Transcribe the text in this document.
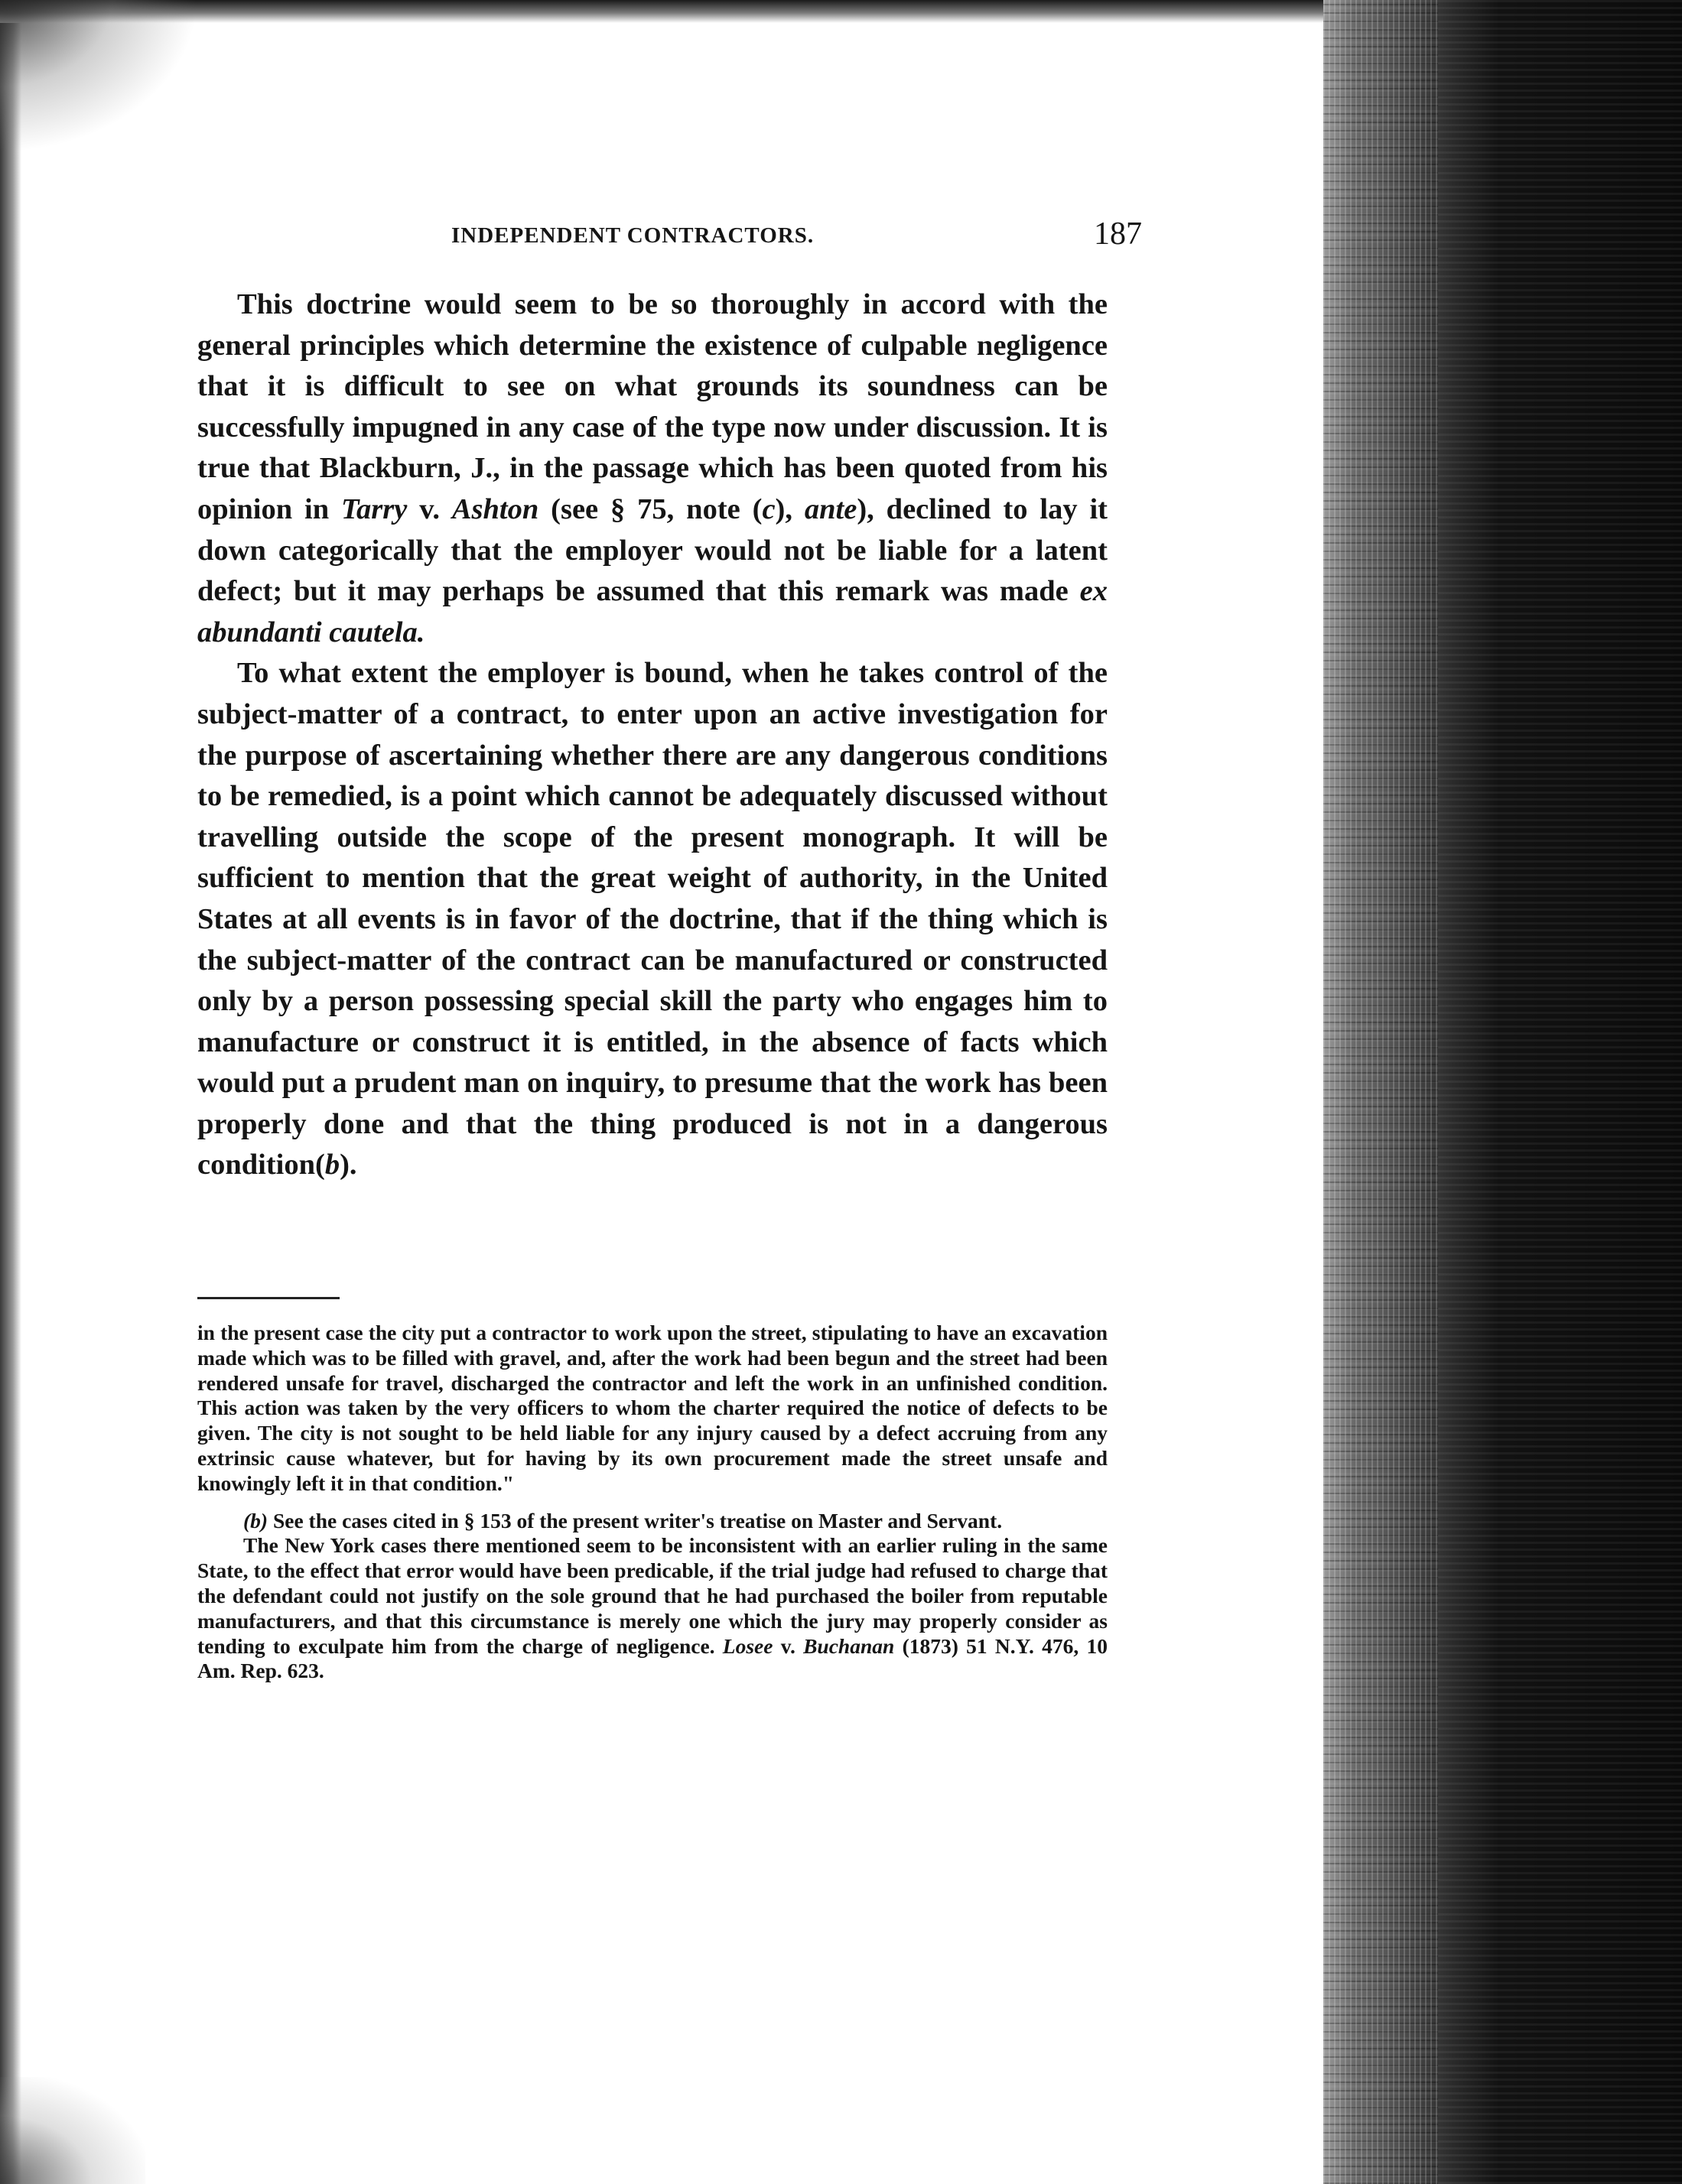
INDEPENDENT CONTRACTORS.	187

This doctrine would seem to be so thoroughly in accord with the general principles which determine the existence of culpable negligence that it is difficult to see on what grounds its soundness can be successfully impugned in any case of the type now under discussion. It is true that Blackburn, J., in the passage which has been quoted from his opinion in Tarry v. Ashton (see § 75, note (c), ante), declined to lay it down categorically that the employer would not be liable for a latent defect; but it may perhaps be assumed that this remark was made ex abundanti cautela.

To what extent the employer is bound, when he takes control of the subject-matter of a contract, to enter upon an active investigation for the purpose of ascertaining whether there are any dangerous conditions to be remedied, is a point which cannot be adequately discussed without travelling outside the scope of the present monograph. It will be sufficient to mention that the great weight of authority, in the United States at all events is in favor of the doctrine, that if the thing which is the subject-matter of the contract can be manufactured or constructed only by a person possessing special skill the party who engages him to manufacture or construct it is entitled, in the absence of facts which would put a prudent man on inquiry, to presume that the work has been properly done and that the thing produced is not in a dangerous condition(b).

in the present case the city put a contractor to work upon the street, stipulating to have an excavation made which was to be filled with gravel, and, after the work had been begun and the street had been rendered unsafe for travel, discharged the contractor and left the work in an unfinished condition. This action was taken by the very officers to whom the charter required the notice of defects to be given. The city is not sought to be held liable for any injury caused by a defect accruing from any extrinsic cause whatever, but for having by its own procurement made the street unsafe and knowingly left it in that condition."

(b) See the cases cited in § 153 of the present writer's treatise on Master and Servant.

The New York cases there mentioned seem to be inconsistent with an earlier ruling in the same State, to the effect that error would have been predicable, if the trial judge had refused to charge that the defendant could not justify on the sole ground that he had purchased the boiler from reputable manufacturers, and that this circumstance is merely one which the jury may properly consider as tending to exculpate him from the charge of negligence. Losee v. Buchanan (1873) 51 N.Y. 476, 10 Am. Rep. 623.
